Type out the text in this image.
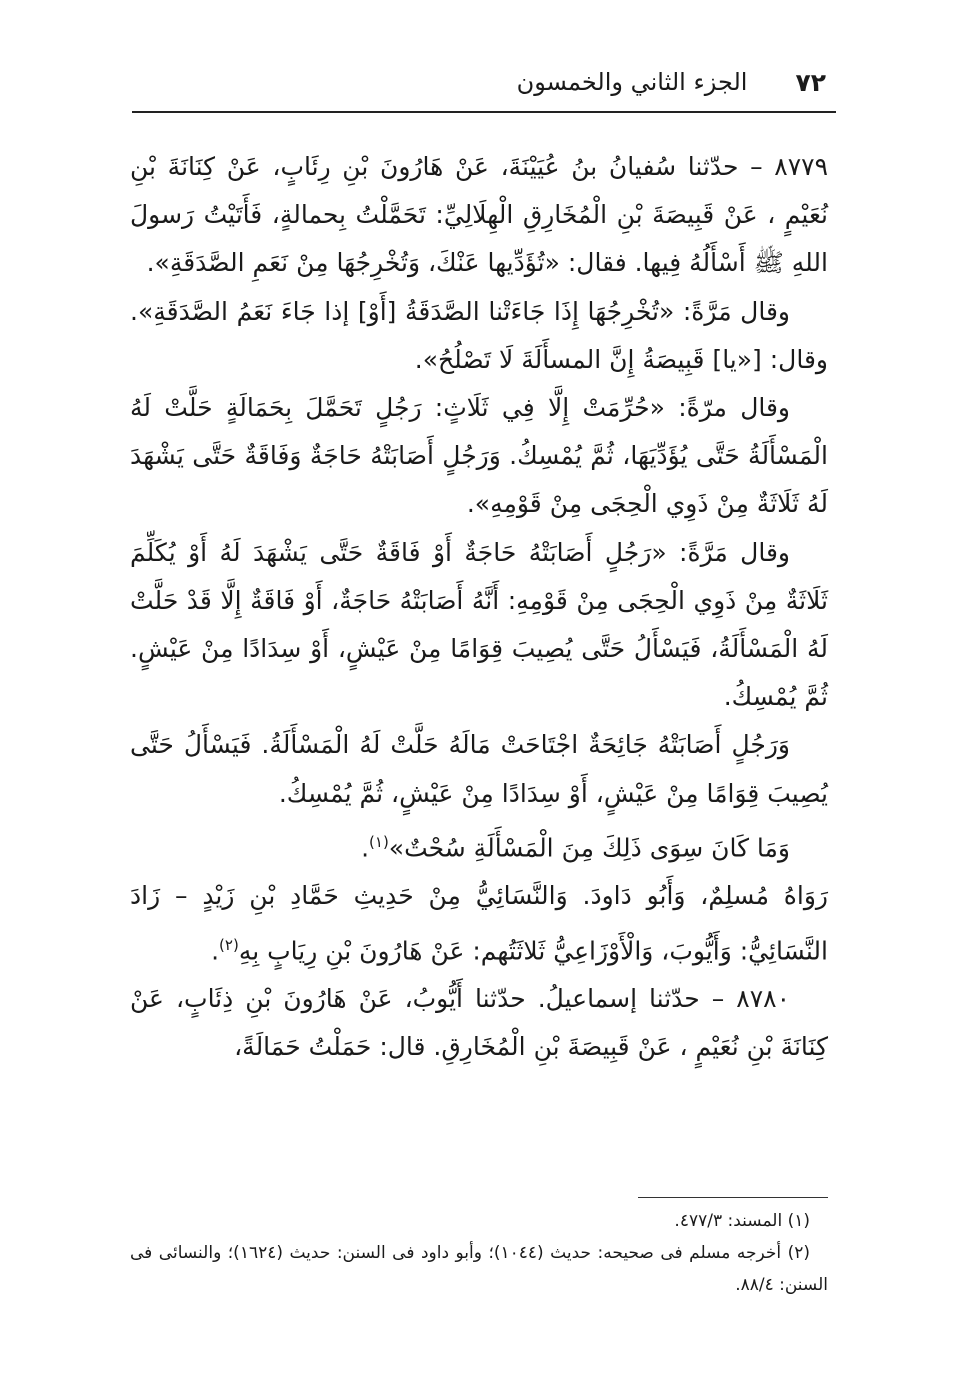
٧٢
الجزء الثاني والخمسون

٨٧٧٩ – حدّثنا سُفيانُ بنُ عُيَيْنَةَ، عَنْ هَارُونَ بْنِ رِئَابٍ، عَنْ كِنَانَةَ بْنِ نُعَيْمٍ ، عَنْ قَبِيصَةَ بْنِ الْمُخَارِقِ الْهِلَالِيِّ: تَحَمَّلْتُ بِحمالةٍ، فَأَتَيْتُ رَسولَ اللهِ ﷺ أَسْأَلُهُ فِيها. فقال: «تُؤَدِّيها عَنْكَ، وَتُخْرِجُهَا مِنْ نَعَمِ الصَّدَقَةِ».

وقال مَرَّةً: «تُخْرِجُهَا إِذَا جَاءَتْنا الصَّدَقَةُ [أَوْ] إذا جَاءَ نَعَمُ الصَّدَقَةِ». وقال: [«يا] قَبِيصَةُ إِنَّ المسأَلَةَ لَا تَصْلُحُ».

وقال مرّةً: «حُرِّمَتْ إِلَّا فِي ثَلَاثٍ: رَجُلٍ تَحَمَّلَ بِحَمَالَةٍ حَلَّتْ لَهُ الْمَسْأَلَةُ حَتَّى يُؤَدِّيَهَا، ثُمَّ يُمْسِكُ. وَرَجُلٍ أَصَابَتْهُ حَاجَةٌ وَفَاقَةٌ حَتَّى يَشْهَدَ لَهُ ثَلَاثَةٌ مِنْ ذَوِي الْحِجَى مِنْ قَوْمِهِ».

وقال مَرَّةً: «رَجُلٍ أَصَابَتْهُ حَاجَةٌ أَوْ فَاقَةٌ حَتَّى يَشْهَدَ لَهُ أَوْ يُكَلِّمَ ثَلَاثَةٌ مِنْ ذَوِي الْحِجَى مِنْ قَوْمِهِ: أَنَّهُ أَصَابَتْهُ حَاجَةٌ، أَوْ فَاقَةٌ إِلَّا قَدْ حَلَّتْ لَهُ الْمَسْأَلَةُ، فَيَسْأَلُ حَتَّى يُصِيبَ قِوَامًا مِنْ عَيْشٍ، أَوْ سِدَادًا مِنْ عَيْشٍ. ثُمَّ يُمْسِكُ.

وَرَجُلٍ أَصَابَتْهُ جَائِحَةٌ اجْتَاحَتْ مَالَهُ حَلَّتْ لَهُ الْمَسْأَلَةُ. فَيَسْأَلُ حَتَّى يُصِيبَ قِوَامًا مِنْ عَيْشٍ، أَوْ سِدَادًا مِنْ عَيْشٍ، ثُمَّ يُمْسِكُ.

وَمَا كَانَ سِوَى ذَلِكَ مِنَ الْمَسْأَلَةِ سُحْتٌ»$^{(١)}$.

رَوَاهُ مُسلِمٌ، وَأَبُو دَاودَ. وَالنَّسَائِيُّ مِنْ حَدِيثِ حَمَّادِ بْنِ زَيْدٍ – زَادَ النَّسَائِيُّ: وَأَيُّوبَ، وَالْأَوْزَاعِيُّ ثَلاثَتُهم: عَنْ هَارُونَ بْنِ رِيَابٍ بِهِ$^{(٢)}$.

٨٧٨٠ – حدّثنا إسماعيلُ. حدّثنا أَيُّوبُ، عَنْ هَارُونَ بْنِ ذِئَابٍ، عَنْ كِنَانَةَ بْنِ نُعَيْمٍ ، عَنْ قَبِيصَةَ بْنِ الْمُخَارِقِ. قال: حَمَلْتُ حَمَالَةً،

(١) المسند: ٤٧٧/٣.

(٢) أخرجه مسلم فى صحيحه: حديث (١٠٤٤)؛ وأبو داود فى السنن: حديث (١٦٢٤)؛ والنسائى فى السنن: ٨٨/٤.
